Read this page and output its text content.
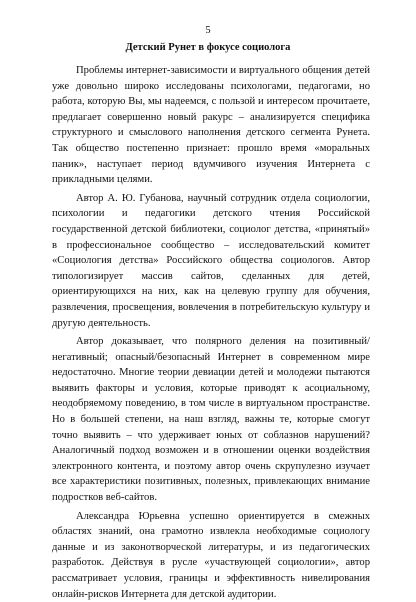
5
Детский Рунет в фокусе социолога

Проблемы интернет-зависимости и виртуального общения детей уже довольно широко исследованы психологами, педагогами, но работа, которую Вы, мы надеемся, с пользой и интересом прочитаете, предлагает совершенно новый ракурс – анализируется специфика структурного и смыслового наполнения детского сегмента Рунета. Так общество постепенно признает: прошло время «моральных паник», наступает период вдумчивого изучения Интернета с прикладными целями.

Автор А. Ю. Губанова, научный сотрудник отдела социологии, психологии и педагогики детского чтения Российской государственной детской библиотеки, социолог детства, «принятый» в профессиональное сообщество – исследовательский комитет «Социология детства» Российского общества социологов. Автор типологизирует массив сайтов, сделанных для детей, ориентирующихся на них, как на целевую группу для обучения, развлечения, просвещения, вовлечения в потребительскую культуру и другую деятельность.

Автор доказывает, что полярного деления на позитивный/негативный; опасный/безопасный Интернет в современном мире недостаточно. Многие теории девиации детей и молодежи пытаются выявить факторы и условия, которые приводят к асоциальному, неодобряемому поведению, в том числе в виртуальном пространстве. Но в большей степени, на наш взгляд, важны те, которые смогут точно выявить – что удерживает юных от соблазнов нарушений? Аналогичный подход возможен и в отношении оценки воздействия электронного контента, и поэтому автор очень скрупулезно изучает все характеристики позитивных, полезных, привлекающих внимание подростков веб-сайтов.

Александра Юрьевна успешно ориентируется в смежных областях знаний, она грамотно извлекла необходимые социологу данные и из законотворческой литературы, и из педагогических разработок. Действуя в русле «участвующей социологии», автор рассматривает условия, границы и эффективность нивелирования онлайн-рисков Интернета для детской аудитории.
